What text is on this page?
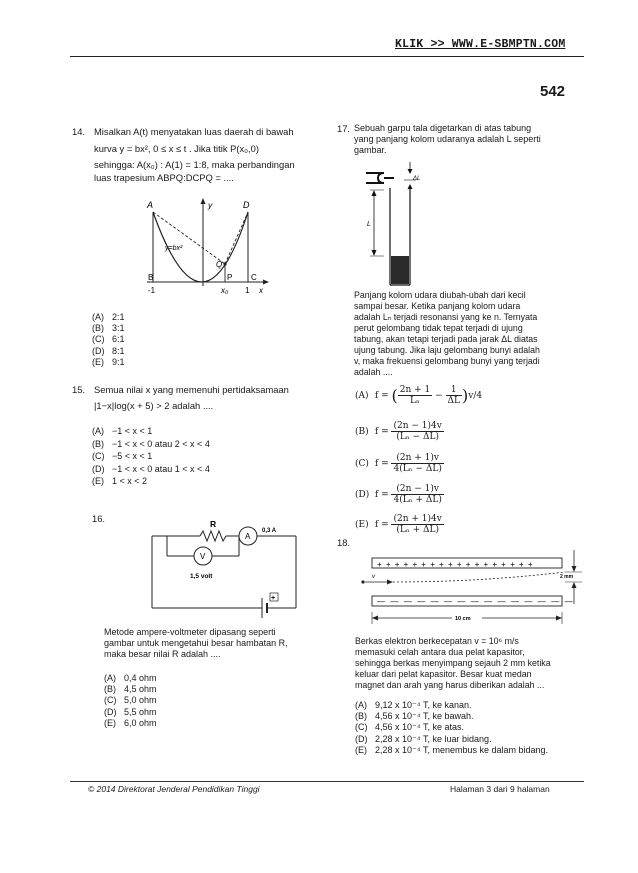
KLIK >> WWW.E-SBMPTN.COM
542
14. Misalkan A(t) menyatakan luas daerah di bawah
kurva y = bx², 0 ≤ x ≤ t . Jika titik P(x₀,0)
sehingga: A(x₀) : A(1) = 1:8, maka perbandingan
luas trapesium ABPQ:DCPQ = ....
A	y	D
y=bx²
Q
B	P C
-1	x₀ 1 x
(A) 2:1
(B) 3:1
(C) 6:1
(D) 8:1
(E) 9:1
15. Semua nilai x yang memenuhi pertidaksamaan
|1−x|log(x + 5) > 2 adalah ....
(A) −1 < x < 1
(B) −1 < x < 0 atau 2 < x < 4
(C) −5 < x < 1
(D) −1 < x < 0 atau 1 < x < 4
(E) 1 < x < 2
16.	R
A
0,3 A
V
1,5 volt
+
Metode ampere-voltmeter dipasang seperti
gambar untuk mengetahui besar hambatan R,
maka besar nilai R adalah ....
(A) 0,4 ohm
(B) 4,5 ohm
(C) 5,0 ohm
(D) 5,5 ohm
(E) 6,0 ohm
17. Sebuah garpu tala digetarkan di atas tabung
yang panjang kolom udaranya adalah L seperti
gambar.
ΔL
L
Panjang kolom udara diubah-ubah dari kecil
sampai besar. Ketika panjang kolom udara
adalah Lₙ terjadi resonansi yang ke n. Ternyata
perut gelombang tidak tepat terjadi di ujung
tabung, akan tetapi terjadi pada jarak ΔL diatas
ujung tabung. Jika laju gelombang bunyi adalah
v, maka frekuensi gelombang bunyi yang terjadi
adalah ....
(A) f = ( $\frac{2n + 1}{\text{Lₙ}} - \frac{1}{\Delta L} )v/4$
(B) $f = \frac{(2n - 1)4v}{\text{(Lₙ − ΔL)}}$
(C) $f = \frac{(2n + 1)v}{\text{4(Lₙ − ΔL)}}$
(D) $f = \frac{(2n - 1)v}{\text{4(Lₙ + ΔL)}}$
(E) $f = \frac{(2n + 1)4v}{\text{(Lₙ + ΔL)}}$
18.
++++++++++++++++++
———————————————
v	2 mm
10 cm
Berkas elektron berkecepatan v = 10⁶ m/s
memasuki celah antara dua pelat kapasitor,
sehingga berkas menyimpang sejauh 2 mm ketika
keluar dari pelat kapasitor. Besar kuat medan
magnet dan arah yang harus diberikan adalah ...
(A) 9,12 x 10⁻⁴ T, ke kanan.
(B) 4,56 x 10⁻⁴ T, ke bawah.
(C) 4,56 x 10⁻⁴ T, ke atas.
(D) 2,28 x 10⁻⁴ T, ke luar bidang.
(E) 2,28 x 10⁻⁴ T, menembus ke dalam bidang.
© 2014 Direktorat Jenderal Pendidikan Tinggi	Halaman 3 dari 9 halaman
